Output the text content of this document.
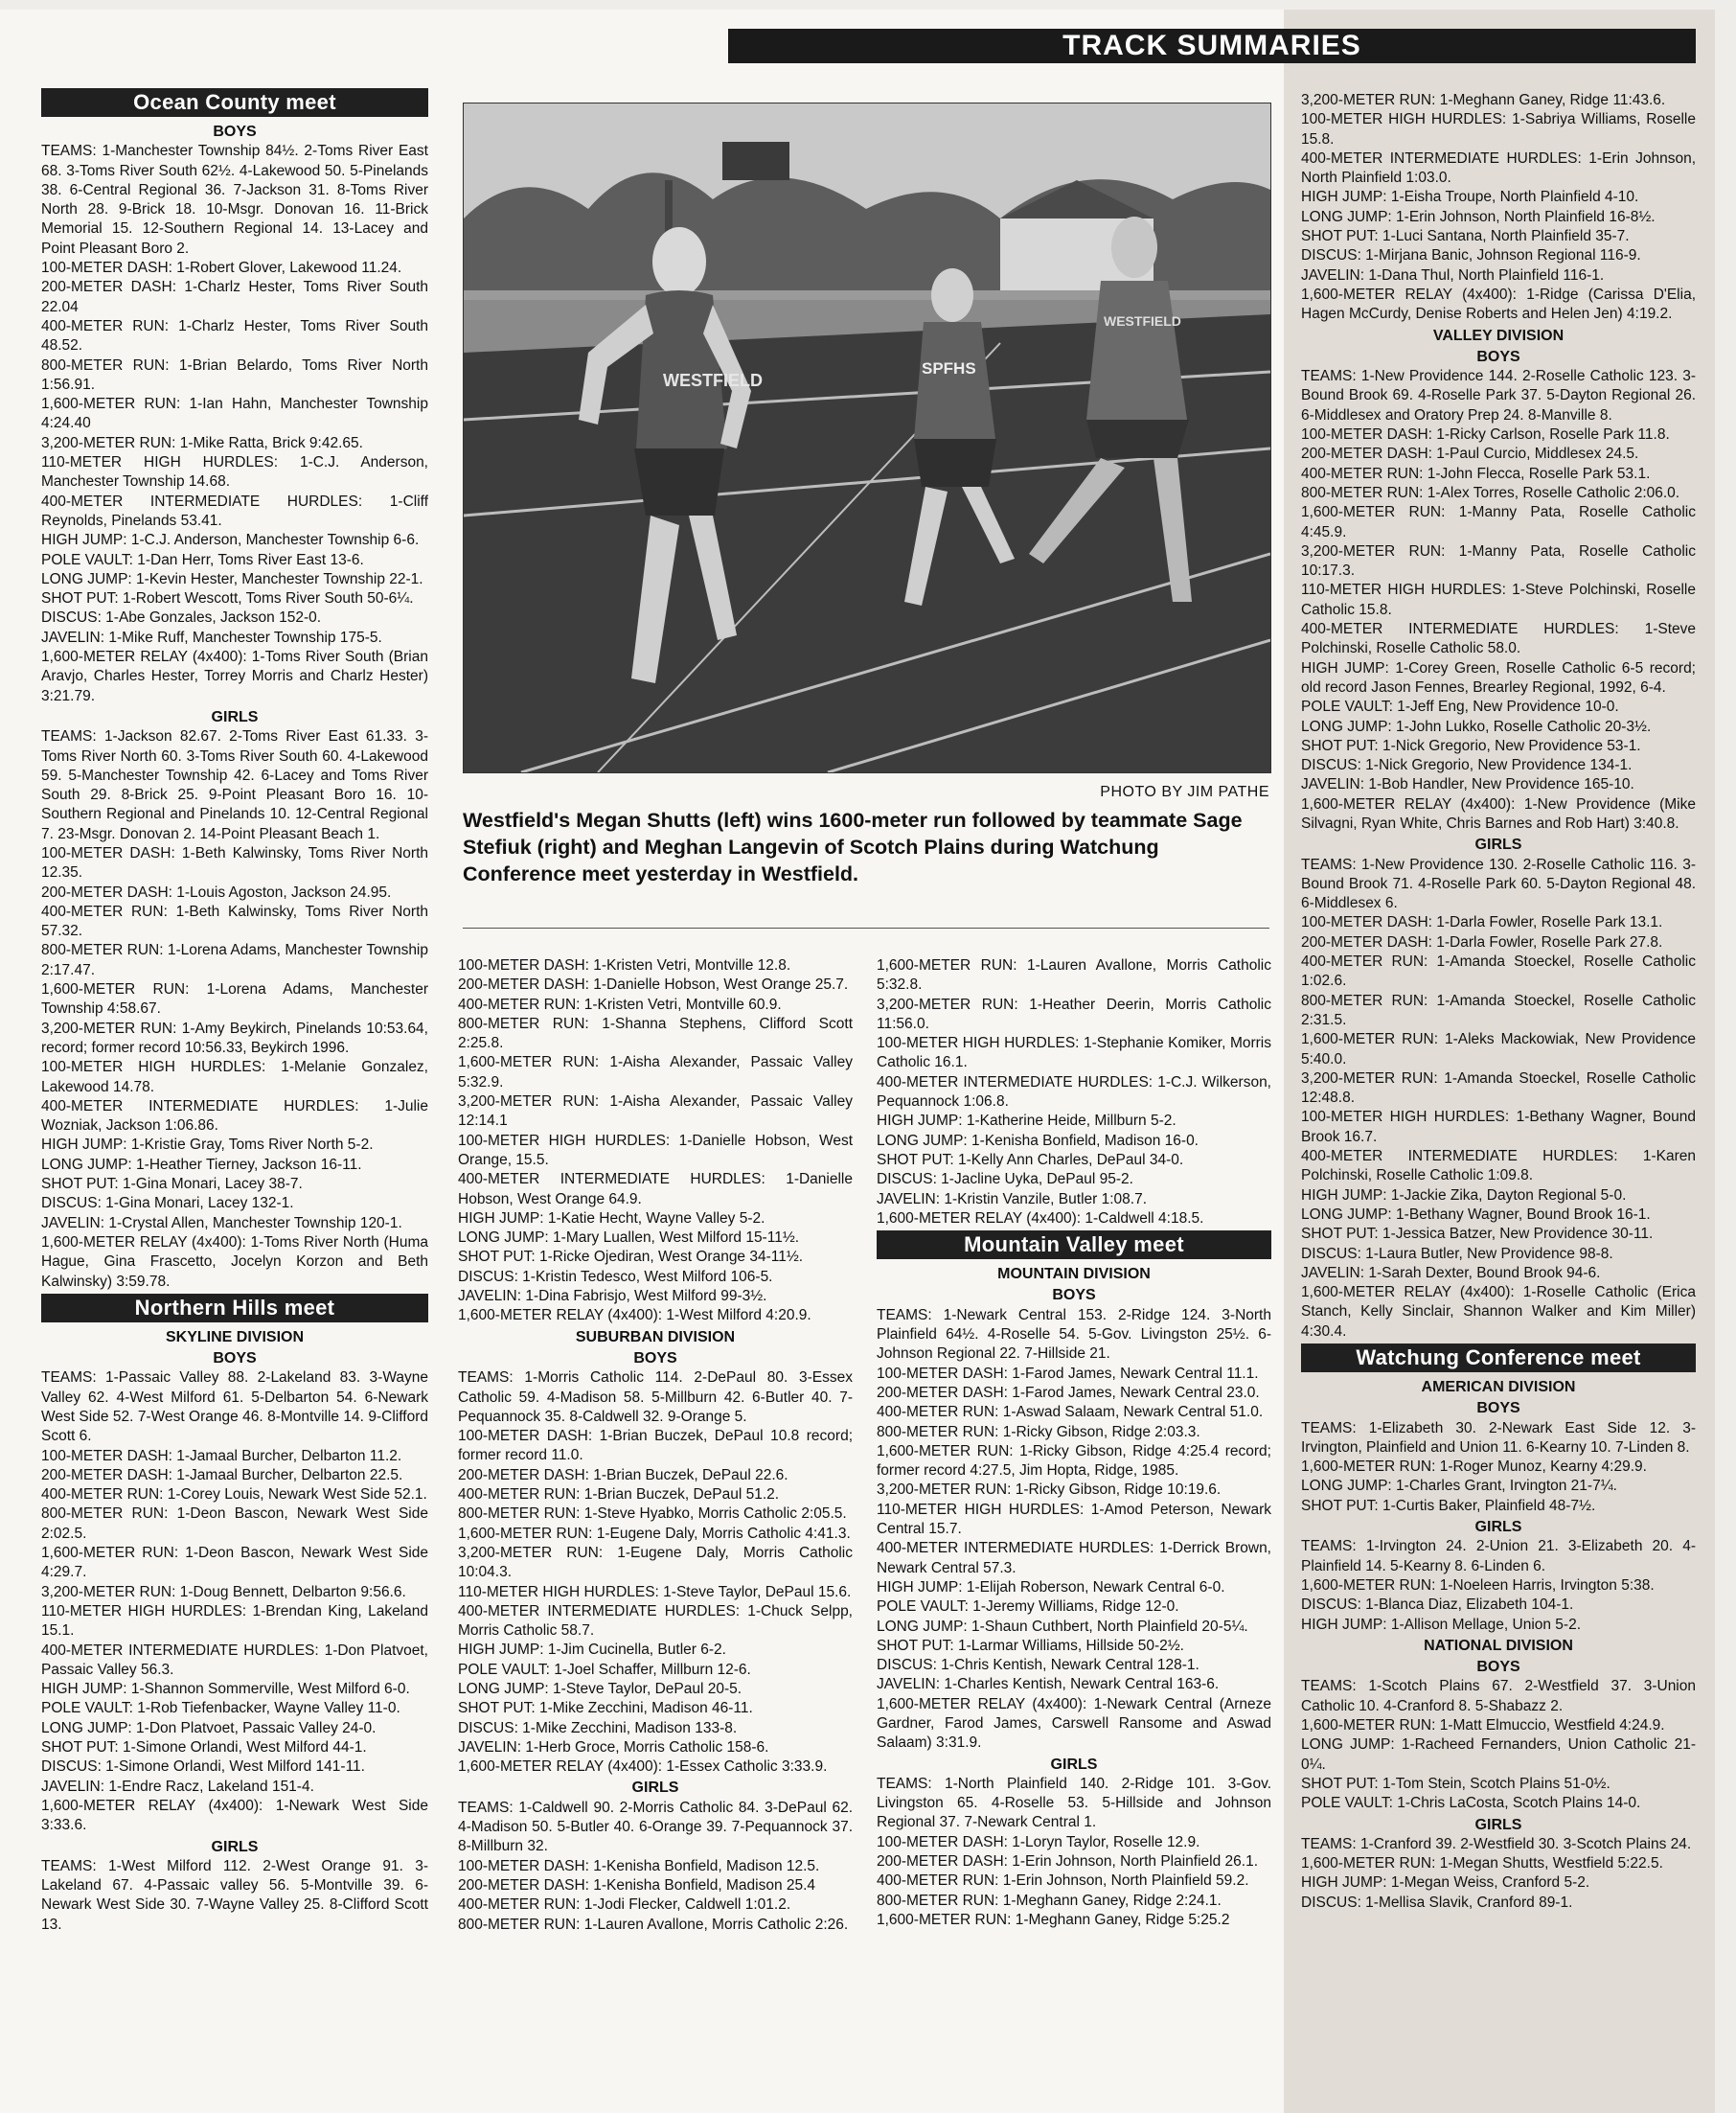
TRACK SUMMARIES
WESTFIELD
SPFHS
WESTFIELD
PHOTO BY JIM PATHE
Westfield's Megan Shutts (left) wins 1600-meter run followed by teammate Sage Stefiuk (right) and Meghan Langevin of Scotch Plains during Watchung Conference meet yesterday in Westfield.
Ocean County meet
BOYS

TEAMS: 1-Manchester Township 84½. 2-Toms River East 68. 3-Toms River South 62½. 4-Lakewood 50. 5-Pinelands 38. 6-Central Regional 36. 7-Jackson 31. 8-Toms River North 28. 9-Brick 18. 10-Msgr. Donovan 16. 11-Brick Memorial 15. 12-Southern Regional 14. 13-Lacey and Point Pleasant Boro 2.

100-METER DASH: 1-Robert Glover, Lakewood 11.24.

200-METER DASH: 1-Charlz Hester, Toms River South 22.04

400-METER RUN: 1-Charlz Hester, Toms River South 48.52.

800-METER RUN: 1-Brian Belardo, Toms River North 1:56.91.

1,600-METER RUN: 1-Ian Hahn, Manchester Township 4:24.40

3,200-METER RUN: 1-Mike Ratta, Brick 9:42.65.

110-METER HIGH HURDLES: 1-C.J. Anderson, Manchester Township 14.68.

400-METER INTERMEDIATE HURDLES: 1-Cliff Reynolds, Pinelands 53.41.

HIGH JUMP: 1-C.J. Anderson, Manchester Township 6-6.

POLE VAULT: 1-Dan Herr, Toms River East 13-6.

LONG JUMP: 1-Kevin Hester, Manchester Township 22-1.

SHOT PUT: 1-Robert Wescott, Toms River South 50-6¼.

DISCUS: 1-Abe Gonzales, Jackson 152-0.

JAVELIN: 1-Mike Ruff, Manchester Township 175-5.

1,600-METER RELAY (4x400): 1-Toms River South (Brian Aravjo, Charles Hester, Torrey Morris and Charlz Hester) 3:21.79.

GIRLS

TEAMS: 1-Jackson 82.67. 2-Toms River East 61.33. 3-Toms River North 60. 3-Toms River South 60. 4-Lakewood 59. 5-Manchester Township 42. 6-Lacey and Toms River South 29. 8-Brick 25. 9-Point Pleasant Boro 16. 10-Southern Regional and Pinelands 10. 12-Central Regional 7. 23-Msgr. Donovan 2. 14-Point Pleasant Beach 1.

100-METER DASH: 1-Beth Kalwinsky, Toms River North 12.35.

200-METER DASH: 1-Louis Agoston, Jackson 24.95.

400-METER RUN: 1-Beth Kalwinsky, Toms River North 57.32.

800-METER RUN: 1-Lorena Adams, Manchester Township 2:17.47.

1,600-METER RUN: 1-Lorena Adams, Manchester Township 4:58.67.

3,200-METER RUN: 1-Amy Beykirch, Pinelands 10:53.64, record; former record 10:56.33, Beykirch 1996.

100-METER HIGH HURDLES: 1-Melanie Gonzalez, Lakewood 14.78.

400-METER INTERMEDIATE HURDLES: 1-Julie Wozniak, Jackson 1:06.86.

HIGH JUMP: 1-Kristie Gray, Toms River North 5-2.

LONG JUMP: 1-Heather Tierney, Jackson 16-11.

SHOT PUT: 1-Gina Monari, Lacey 38-7.

DISCUS: 1-Gina Monari, Lacey 132-1.

JAVELIN: 1-Crystal Allen, Manchester Township 120-1.

1,600-METER RELAY (4x400): 1-Toms River North (Huma Hague, Gina Frascetto, Jocelyn Korzon and Beth Kalwinsky) 3:59.78.

Northern Hills meet
SKYLINE DIVISION
BOYS

TEAMS: 1-Passaic Valley 88. 2-Lakeland 83. 3-Wayne Valley 62. 4-West Milford 61. 5-Delbarton 54. 6-Newark West Side 52. 7-West Orange 46. 8-Montville 14. 9-Clifford Scott 6.

100-METER DASH: 1-Jamaal Burcher, Delbarton 11.2.

200-METER DASH: 1-Jamaal Burcher, Delbarton 22.5.

400-METER RUN: 1-Corey Louis, Newark West Side 52.1.

800-METER RUN: 1-Deon Bascon, Newark West Side 2:02.5.

1,600-METER RUN: 1-Deon Bascon, Newark West Side 4:29.7.

3,200-METER RUN: 1-Doug Bennett, Delbarton 9:56.6.

110-METER HIGH HURDLES: 1-Brendan King, Lakeland 15.1.

400-METER INTERMEDIATE HURDLES: 1-Don Platvoet, Passaic Valley 56.3.

HIGH JUMP: 1-Shannon Sommerville, West Milford 6-0.

POLE VAULT: 1-Rob Tiefenbacker, Wayne Valley 11-0.

LONG JUMP: 1-Don Platvoet, Passaic Valley 24-0.

SHOT PUT: 1-Simone Orlandi, West Milford 44-1.

DISCUS: 1-Simone Orlandi, West Milford 141-11.

JAVELIN: 1-Endre Racz, Lakeland 151-4.

1,600-METER RELAY (4x400): 1-Newark West Side 3:33.6.

GIRLS

TEAMS: 1-West Milford 112. 2-West Orange 91. 3-Lakeland 67. 4-Passaic valley 56. 5-Montville 39. 6-Newark West Side 30. 7-Wayne Valley 25. 8-Clifford Scott 13.

100-METER DASH: 1-Kristen Vetri, Montville 12.8.

200-METER DASH: 1-Danielle Hobson, West Orange 25.7.

400-METER RUN: 1-Kristen Vetri, Montville 60.9.

800-METER RUN: 1-Shanna Stephens, Clifford Scott 2:25.8.

1,600-METER RUN: 1-Aisha Alexander, Passaic Valley 5:32.9.

3,200-METER RUN: 1-Aisha Alexander, Passaic Valley 12:14.1

100-METER HIGH HURDLES: 1-Danielle Hobson, West Orange, 15.5.

400-METER INTERMEDIATE HURDLES: 1-Danielle Hobson, West Orange 64.9.

HIGH JUMP: 1-Katie Hecht, Wayne Valley 5-2.

LONG JUMP: 1-Mary Luallen, West Milford 15-11½.

SHOT PUT: 1-Ricke Ojediran, West Orange 34-11½.

DISCUS: 1-Kristin Tedesco, West Milford 106-5.

JAVELIN: 1-Dina Fabrisjo, West Milford 99-3½.

1,600-METER RELAY (4x400): 1-West Milford 4:20.9.

SUBURBAN DIVISION
BOYS

TEAMS: 1-Morris Catholic 114. 2-DePaul 80. 3-Essex Catholic 59. 4-Madison 58. 5-Millburn 42. 6-Butler 40. 7-Pequannock 35. 8-Caldwell 32. 9-Orange 5.

100-METER DASH: 1-Brian Buczek, DePaul 10.8 record; former record 11.0.

200-METER DASH: 1-Brian Buczek, DePaul 22.6.

400-METER RUN: 1-Brian Buczek, DePaul 51.2.

800-METER RUN: 1-Steve Hyabko, Morris Catholic 2:05.5.

1,600-METER RUN: 1-Eugene Daly, Morris Catholic 4:41.3.

3,200-METER RUN: 1-Eugene Daly, Morris Catholic 10:04.3.

110-METER HIGH HURDLES: 1-Steve Taylor, DePaul 15.6.

400-METER INTERMEDIATE HURDLES: 1-Chuck Selpp, Morris Catholic 58.7.

HIGH JUMP: 1-Jim Cucinella, Butler 6-2.

POLE VAULT: 1-Joel Schaffer, Millburn 12-6.

LONG JUMP: 1-Steve Taylor, DePaul 20-5.

SHOT PUT: 1-Mike Zecchini, Madison 46-11.

DISCUS: 1-Mike Zecchini, Madison 133-8.

JAVELIN: 1-Herb Groce, Morris Catholic 158-6.

1,600-METER RELAY (4x400): 1-Essex Catholic 3:33.9.

GIRLS

TEAMS: 1-Caldwell 90. 2-Morris Catholic 84. 3-DePaul 62. 4-Madison 50. 5-Butler 40. 6-Orange 39. 7-Pequannock 37. 8-Millburn 32.

100-METER DASH: 1-Kenisha Bonfield, Madison 12.5.

200-METER DASH: 1-Kenisha Bonfield, Madison 25.4

400-METER RUN: 1-Jodi Flecker, Caldwell 1:01.2.

800-METER RUN: 1-Lauren Avallone, Morris Catholic 2:26.

1,600-METER RUN: 1-Lauren Avallone, Morris Catholic 5:32.8.

3,200-METER RUN: 1-Heather Deerin, Morris Catholic 11:56.0.

100-METER HIGH HURDLES: 1-Stephanie Komiker, Morris Catholic 16.1.

400-METER INTERMEDIATE HURDLES: 1-C.J. Wilkerson, Pequannock 1:06.8.

HIGH JUMP: 1-Katherine Heide, Millburn 5-2.

LONG JUMP: 1-Kenisha Bonfield, Madison 16-0.

SHOT PUT: 1-Kelly Ann Charles, DePaul 34-0.

DISCUS: 1-Jacline Uyka, DePaul 95-2.

JAVELIN: 1-Kristin Vanzile, Butler 1:08.7.

1,600-METER RELAY (4x400): 1-Caldwell 4:18.5.

Mountain Valley meet
MOUNTAIN DIVISION
BOYS

TEAMS: 1-Newark Central 153. 2-Ridge 124. 3-North Plainfield 64½. 4-Roselle 54. 5-Gov. Livingston 25½. 6-Johnson Regional 22. 7-Hillside 21.

100-METER DASH: 1-Farod James, Newark Central 11.1.

200-METER DASH: 1-Farod James, Newark Central 23.0.

400-METER RUN: 1-Aswad Salaam, Newark Central 51.0.

800-METER RUN: 1-Ricky Gibson, Ridge 2:03.3.

1,600-METER RUN: 1-Ricky Gibson, Ridge 4:25.4 record; former record 4:27.5, Jim Hopta, Ridge, 1985.

3,200-METER RUN: 1-Ricky Gibson, Ridge 10:19.6.

110-METER HIGH HURDLES: 1-Amod Peterson, Newark Central 15.7.

400-METER INTERMEDIATE HURDLES: 1-Derrick Brown, Newark Central 57.3.

HIGH JUMP: 1-Elijah Roberson, Newark Central 6-0.

POLE VAULT: 1-Jeremy Williams, Ridge 12-0.

LONG JUMP: 1-Shaun Cuthbert, North Plainfield 20-5¼.

SHOT PUT: 1-Larmar Williams, Hillside 50-2½.

DISCUS: 1-Chris Kentish, Newark Central 128-1.

JAVELIN: 1-Charles Kentish, Newark Central 163-6.

1,600-METER RELAY (4x400): 1-Newark Central (Arneze Gardner, Farod James, Carswell Ransome and Aswad Salaam) 3:31.9.

GIRLS

TEAMS: 1-North Plainfield 140. 2-Ridge 101. 3-Gov. Livingston 65. 4-Roselle 53. 5-Hillside and Johnson Regional 37. 7-Newark Central 1.

100-METER DASH: 1-Loryn Taylor, Roselle 12.9.

200-METER DASH: 1-Erin Johnson, North Plainfield 26.1.

400-METER RUN: 1-Erin Johnson, North Plainfield 59.2.

800-METER RUN: 1-Meghann Ganey, Ridge 2:24.1.

1,600-METER RUN: 1-Meghann Ganey, Ridge 5:25.2

3,200-METER RUN: 1-Meghann Ganey, Ridge 11:43.6.

100-METER HIGH HURDLES: 1-Sabriya Williams, Roselle 15.8.

400-METER INTERMEDIATE HURDLES: 1-Erin Johnson, North Plainfield 1:03.0.

HIGH JUMP: 1-Eisha Troupe, North Plainfield 4-10.

LONG JUMP: 1-Erin Johnson, North Plainfield 16-8½.

SHOT PUT: 1-Luci Santana, North Plainfield 35-7.

DISCUS: 1-Mirjana Banic, Johnson Regional 116-9.

JAVELIN: 1-Dana Thul, North Plainfield 116-1.

1,600-METER RELAY (4x400): 1-Ridge (Carissa D'Elia, Hagen McCurdy, Denise Roberts and Helen Jen) 4:19.2.

VALLEY DIVISION
BOYS

TEAMS: 1-New Providence 144. 2-Roselle Catholic 123. 3-Bound Brook 69. 4-Roselle Park 37. 5-Dayton Regional 26. 6-Middlesex and Oratory Prep 24. 8-Manville 8.

100-METER DASH: 1-Ricky Carlson, Roselle Park 11.8.

200-METER DASH: 1-Paul Curcio, Middlesex 24.5.

400-METER RUN: 1-John Flecca, Roselle Park 53.1.

800-METER RUN: 1-Alex Torres, Roselle Catholic 2:06.0.

1,600-METER RUN: 1-Manny Pata, Roselle Catholic 4:45.9.

3,200-METER RUN: 1-Manny Pata, Roselle Catholic 10:17.3.

110-METER HIGH HURDLES: 1-Steve Polchinski, Roselle Catholic 15.8.

400-METER INTERMEDIATE HURDLES: 1-Steve Polchinski, Roselle Catholic 58.0.

HIGH JUMP: 1-Corey Green, Roselle Catholic 6-5 record; old record Jason Fennes, Brearley Regional, 1992, 6-4.

POLE VAULT: 1-Jeff Eng, New Providence 10-0.

LONG JUMP: 1-John Lukko, Roselle Catholic 20-3½.

SHOT PUT: 1-Nick Gregorio, New Providence 53-1.

DISCUS: 1-Nick Gregorio, New Providence 134-1.

JAVELIN: 1-Bob Handler, New Providence 165-10.

1,600-METER RELAY (4x400): 1-New Providence (Mike Silvagni, Ryan White, Chris Barnes and Rob Hart) 3:40.8.

GIRLS

TEAMS: 1-New Providence 130. 2-Roselle Catholic 116. 3-Bound Brook 71. 4-Roselle Park 60. 5-Dayton Regional 48. 6-Middlesex 6.

100-METER DASH: 1-Darla Fowler, Roselle Park 13.1.

200-METER DASH: 1-Darla Fowler, Roselle Park 27.8.

400-METER RUN: 1-Amanda Stoeckel, Roselle Catholic 1:02.6.

800-METER RUN: 1-Amanda Stoeckel, Roselle Catholic 2:31.5.

1,600-METER RUN: 1-Aleks Mackowiak, New Providence 5:40.0.

3,200-METER RUN: 1-Amanda Stoeckel, Roselle Catholic 12:48.8.

100-METER HIGH HURDLES: 1-Bethany Wagner, Bound Brook 16.7.

400-METER INTERMEDIATE HURDLES: 1-Karen Polchinski, Roselle Catholic 1:09.8.

HIGH JUMP: 1-Jackie Zika, Dayton Regional 5-0.

LONG JUMP: 1-Bethany Wagner, Bound Brook 16-1.

SHOT PUT: 1-Jessica Batzer, New Providence 30-11.

DISCUS: 1-Laura Butler, New Providence 98-8.

JAVELIN: 1-Sarah Dexter, Bound Brook 94-6.

1,600-METER RELAY (4x400): 1-Roselle Catholic (Erica Stanch, Kelly Sinclair, Shannon Walker and Kim Miller) 4:30.4.

Watchung Conference meet
AMERICAN DIVISION
BOYS

TEAMS: 1-Elizabeth 30. 2-Newark East Side 12. 3-Irvington, Plainfield and Union 11. 6-Kearny 10. 7-Linden 8.

1,600-METER RUN: 1-Roger Munoz, Kearny 4:29.9.

LONG JUMP: 1-Charles Grant, Irvington 21-7¼.

SHOT PUT: 1-Curtis Baker, Plainfield 48-7½.

GIRLS

TEAMS: 1-Irvington 24. 2-Union 21. 3-Elizabeth 20. 4-Plainfield 14. 5-Kearny 8. 6-Linden 6.

1,600-METER RUN: 1-Noeleen Harris, Irvington 5:38.

DISCUS: 1-Blanca Diaz, Elizabeth 104-1.

HIGH JUMP: 1-Allison Mellage, Union 5-2.

NATIONAL DIVISION
BOYS

TEAMS: 1-Scotch Plains 67. 2-Westfield 37. 3-Union Catholic 10. 4-Cranford 8. 5-Shabazz 2.

1,600-METER RUN: 1-Matt Elmuccio, Westfield 4:24.9.

LONG JUMP: 1-Racheed Fernanders, Union Catholic 21-0¼.

SHOT PUT: 1-Tom Stein, Scotch Plains 51-0½.

POLE VAULT: 1-Chris LaCosta, Scotch Plains 14-0.

GIRLS

TEAMS: 1-Cranford 39. 2-Westfield 30. 3-Scotch Plains 24.

1,600-METER RUN: 1-Megan Shutts, Westfield 5:22.5.

HIGH JUMP: 1-Megan Weiss, Cranford 5-2.

DISCUS: 1-Mellisa Slavik, Cranford 89-1.
